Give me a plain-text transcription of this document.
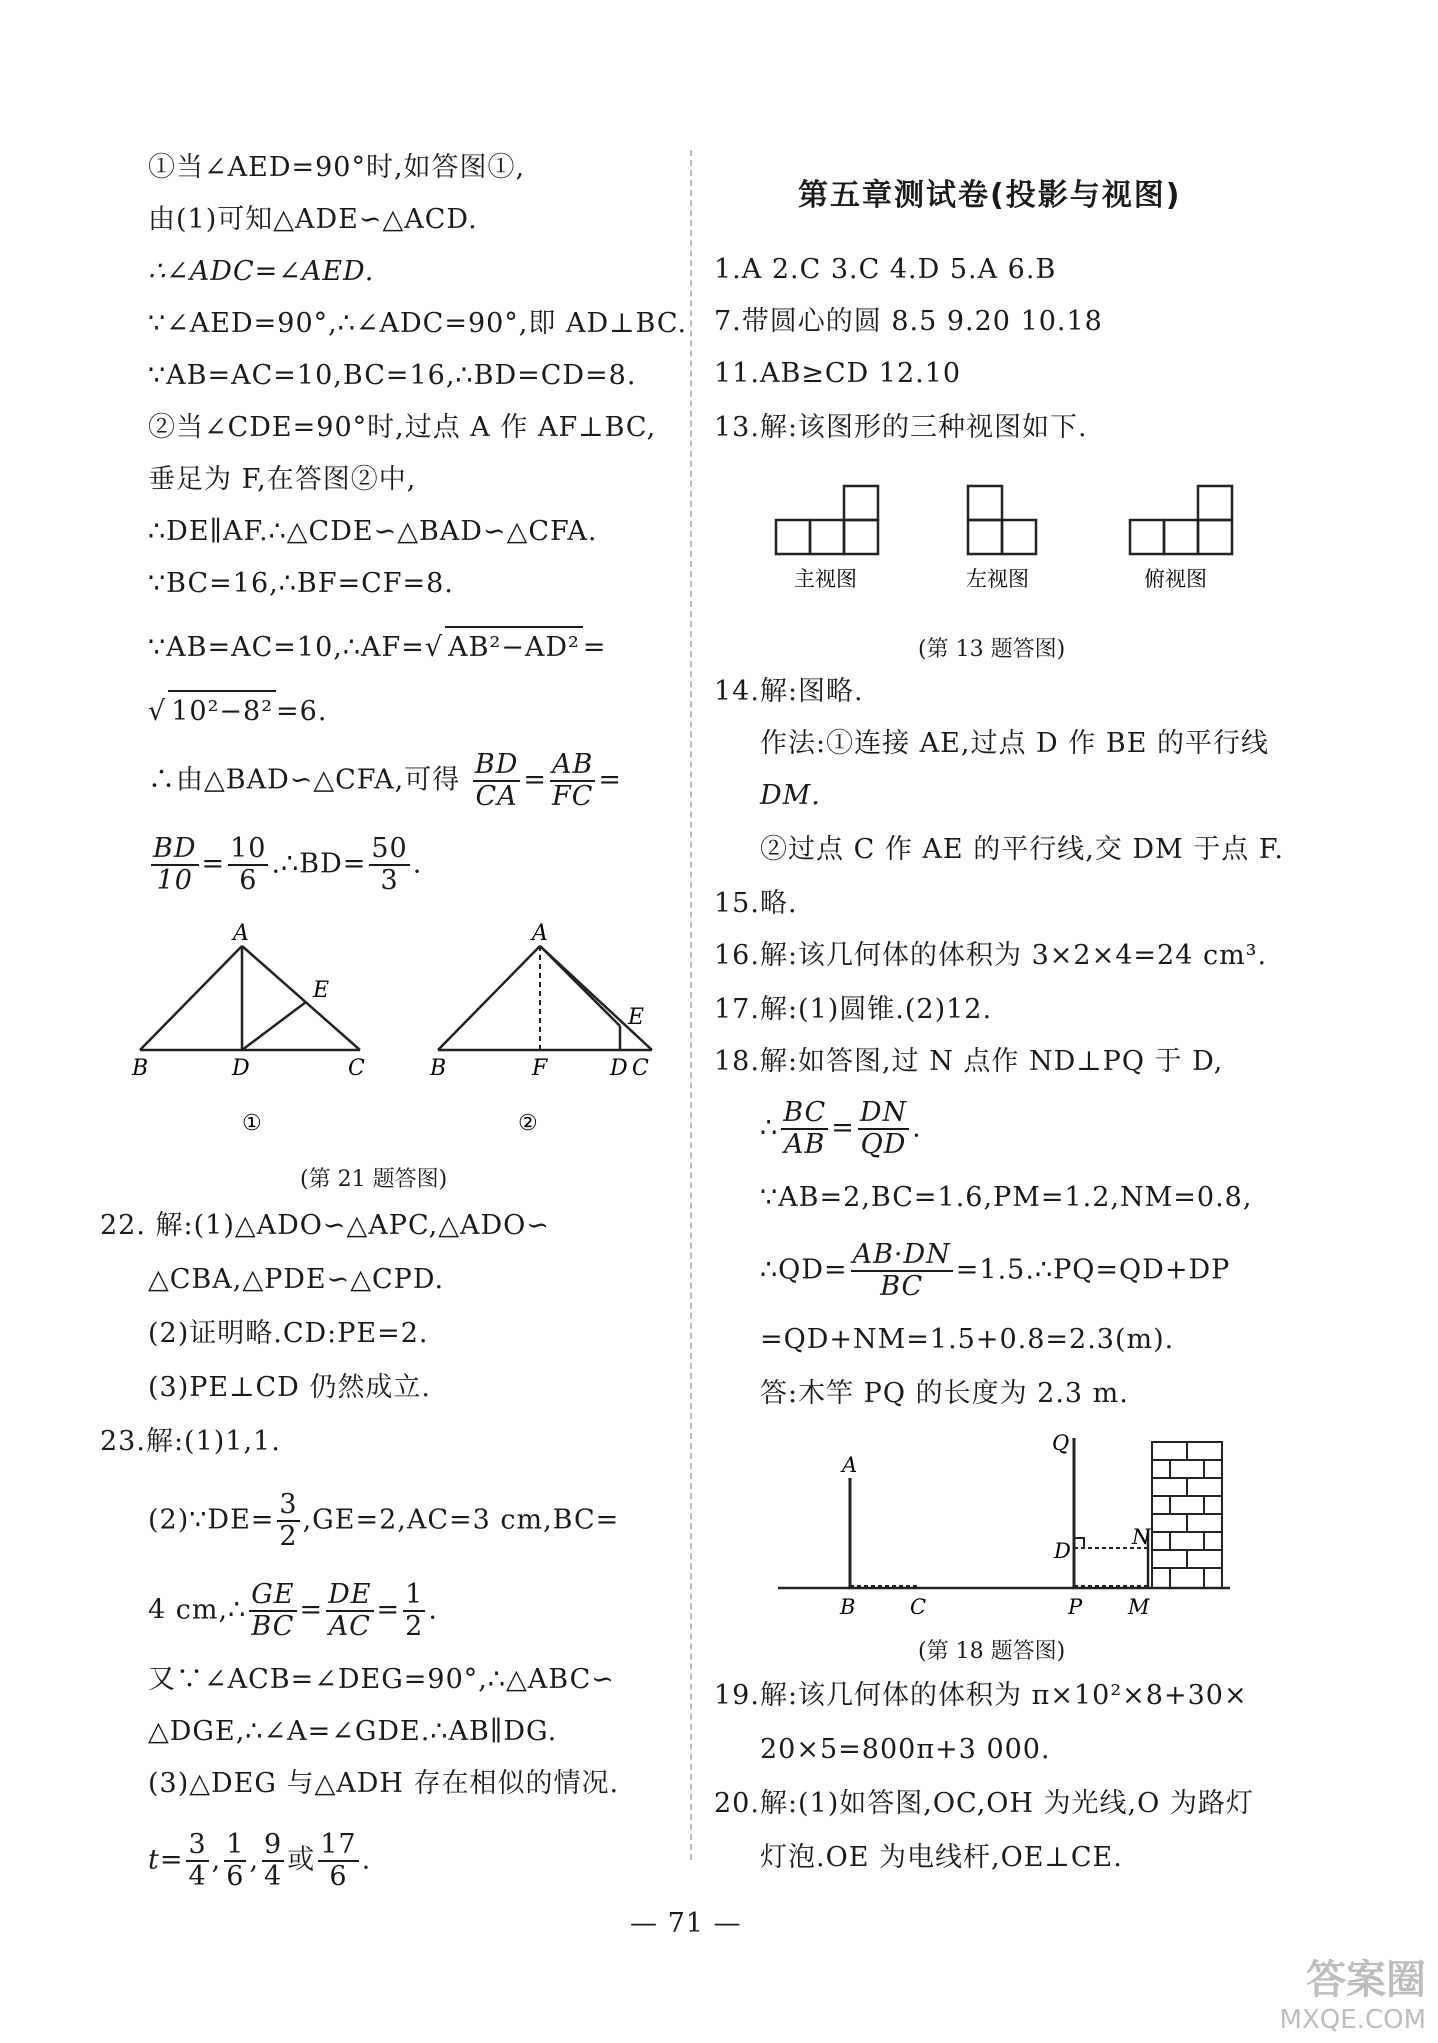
①当∠AED=90°时,如答图①,
由(1)可知△ADE∽△ACD.
∴∠ADC=∠AED.
∵∠AED=90°,∴∠ADC=90°,即 AD⊥BC.
∵AB=AC=10,BC=16,∴BD=CD=8.
②当∠CDE=90°时,过点 A 作 AF⊥BC,
垂足为 F,在答图②中,
∴DE∥AF.∴△CDE∽△BAD∽△CFA.
∵BC=16,∴BF=CF=8.
∵AB=AC=10,∴AF=√ AB²−AD² =
√ 10²−8² =6.
∴由△BAD∽△CFA,可得 $\frac{BD}{CA} = \frac{AB}{FC}$ =
$\frac{BD}{10} = \frac{10}{6}$ .∴BD= $\frac{50}{3}$ .
A
E
B	D	C
A
E
B	F	D C
①	②
(第 21 题答图)
22. 解:(1)△ADO∽△APC,△ADO∽
△CBA,△PDE∽△CPD.
(2)证明略.CD:PE=2.
(3)PE⊥CD 仍然成立.
23.解:(1)1,1.
(2)∵DE= $\frac{3}{2} ,GE=2,AC=3$ cm,BC=
4 cm,∴ $\frac{GE}{BC} = \frac{DE}{AC} = \frac{1}{2}$ .
又∵∠ACB=∠DEG=90°,∴△ABC∽
△DGE,∴∠A=∠GDE.∴AB∥DG.
(3)△DEG 与△ADH 存在相似的情况.
$t= \frac{3}{4}$ , $\frac{1}{6}$ , $\frac{9}{4}$ 或 $\frac{17}{6}$ .
第五章测试卷(投影与视图)
1.A 2.C 3.C 4.D 5.A 6.B
7.带圆心的圆 8.5 9.20 10.18
11.AB≥CD 12.10
13.解:该图形的三种视图如下.
主视图	左视图	俯视图
(第 13 题答图)
14.解:图略.
作法:①连接 AE,过点 D 作 BE 的平行线
DM.
②过点 C 作 AE 的平行线,交 DM 于点 F.
15.略.
16.解:该几何体的体积为 3×2×4=24 cm³.
17.解:(1)圆锥.(2)12.
18.解:如答图,过 N 点作 ND⊥PQ 于 D,
∴ $\frac{BC}{AB} = \frac{DN}{QD}$ .
∵AB=2,BC=1.6,PM=1.2,NM=0.8,
∴QD= $\frac{AB\cdot DN}{BC}$ =1.5.∴PQ=QD+DP
=QD+NM=1.5+0.8=2.3(m).
答:木竿 PQ 的长度为 2.3 m.
A
B	C
Q
D
N
P M
(第 18 题答图)
19.解:该几何体的体积为 π×10²×8+30×
20×5=800π+3 000.
20.解:(1)如答图,OC,OH 为光线,O 为路灯
灯泡.OE 为电线杆,OE⊥CE.
— 71 —
答案圈
MXQE.COM
